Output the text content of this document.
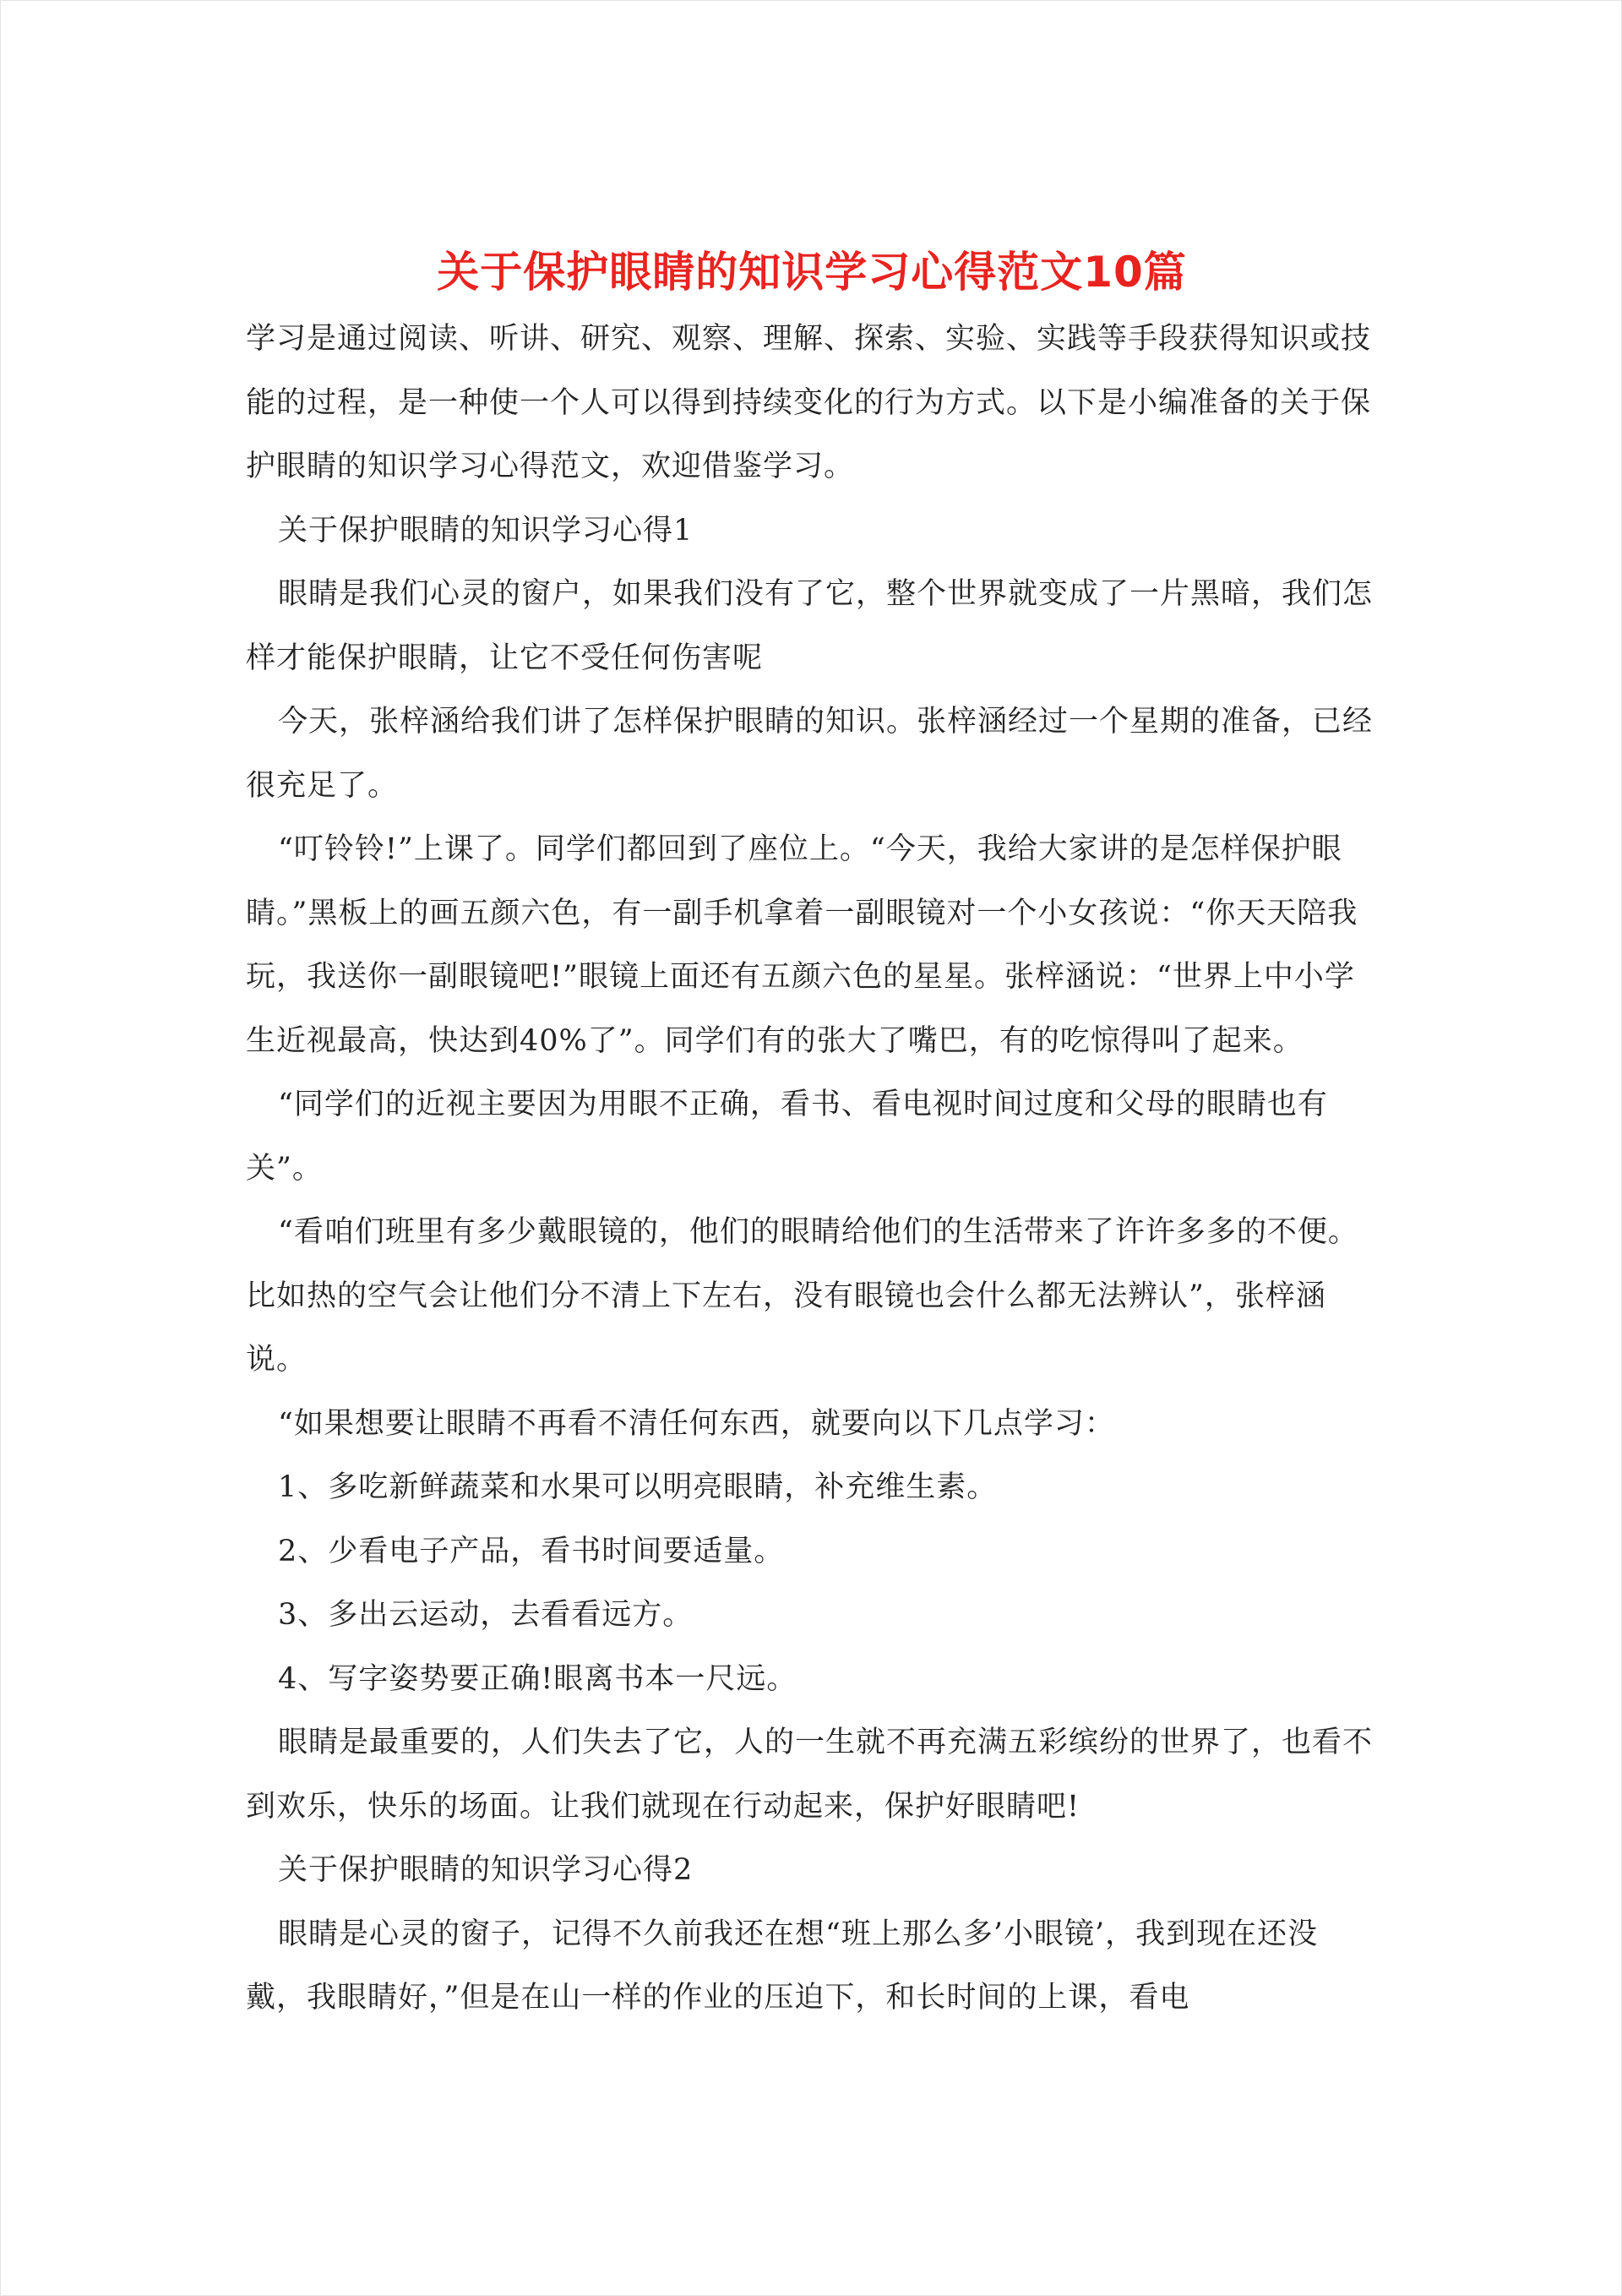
关于保护眼睛的知识学习心得范文10篇

学习是通过阅读、听讲、研究、观察、理解、探索、实验、实践等手段获得知识或技能的过程，是一种使一个人可以得到持续变化的行为方式。以下是小编准备的关于保护眼睛的知识学习心得范文，欢迎借鉴学习。

关于保护眼睛的知识学习心得1

眼睛是我们心灵的窗户，如果我们没有了它，整个世界就变成了一片黑暗，我们怎样才能保护眼睛，让它不受任何伤害呢

今天，张梓涵给我们讲了怎样保护眼睛的知识。张梓涵经过一个星期的准备，已经很充足了。

“叮铃铃!”上课了。同学们都回到了座位上。“今天，我给大家讲的是怎样保护眼睛。”黑板上的画五颜六色，有一副手机拿着一副眼镜对一个小女孩说：“你天天陪我玩，我送你一副眼镜吧!”眼镜上面还有五颜六色的星星。张梓涵说：“世界上中小学生近视最高，快达到40%了”。同学们有的张大了嘴巴，有的吃惊得叫了起来。

“同学们的近视主要因为用眼不正确，看书、看电视时间过度和父母的眼睛也有关”。

“看咱们班里有多少戴眼镜的，他们的眼睛给他们的生活带来了许许多多的不便。比如热的空气会让他们分不清上下左右，没有眼镜也会什么都无法辨认”，张梓涵说。

“如果想要让眼睛不再看不清任何东西，就要向以下几点学习：

1、多吃新鲜蔬菜和水果可以明亮眼睛，补充维生素。

2、少看电子产品，看书时间要适量。

3、多出云运动，去看看远方。

4、写字姿势要正确!眼离书本一尺远。

眼睛是最重要的，人们失去了它，人的一生就不再充满五彩缤纷的世界了，也看不到欢乐，快乐的场面。让我们就现在行动起来，保护好眼睛吧!

关于保护眼睛的知识学习心得2

眼睛是心灵的窗子，记得不久前我还在想“班上那么多’小眼镜’，我到现在还没戴，我眼睛好，”但是在山一样的作业的压迫下，和长时间的上课，看电
